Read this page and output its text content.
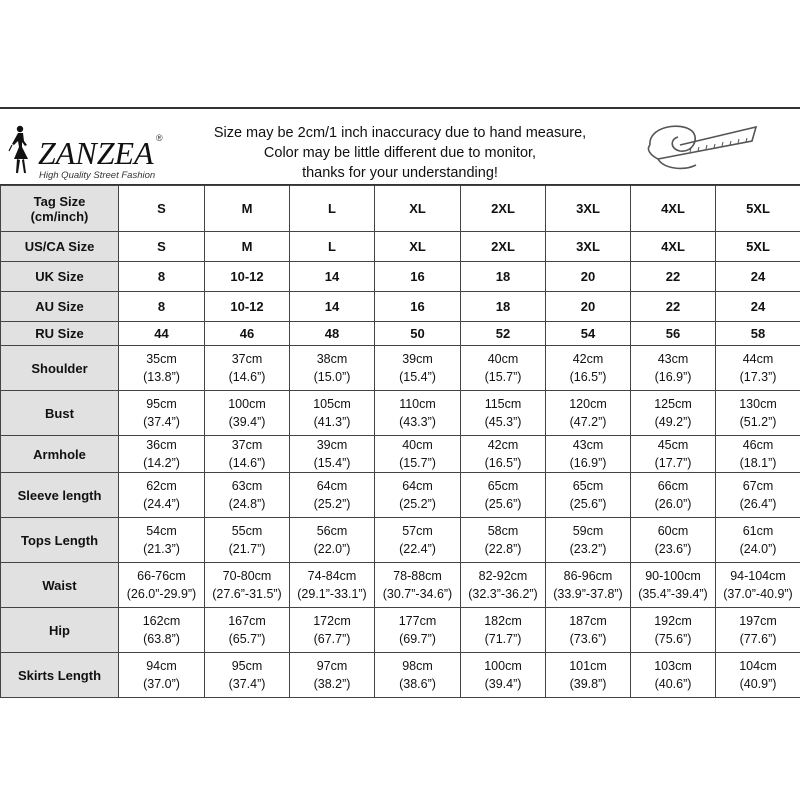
ZANZEA ®
High Quality Street Fashion
Size may be 2cm/1 inch inaccuracy due to hand measure,
Color may be little different due to monitor,
thanks for your understanding!
Tag Size
(cm/inch)	S	M	L	XL	2XL	3XL	4XL	5XL

US/CA Size	S	M	L	XL	2XL	3XL	4XL	5XL

UK Size	8	10-12	14	16	18	20	22	24

AU Size	8	10-12	14	16	18	20	22	24

RU Size	44	46	48	50	52	54	56	58
Shoulder	35cm
(13.8”)	37cm
(14.6”)	38cm
(15.0”)	39cm
(15.4”)	40cm
(15.7”)	42cm
(16.5”)	43cm
(16.9”)	44cm
(17.3”)

Bust	95cm
(37.4”)	100cm
(39.4”)	105cm
(41.3”)	110cm
(43.3”)	115cm
(45.3”)	120cm
(47.2”)	125cm
(49.2”)	130cm
(51.2”)

Armhole	36cm
(14.2”)	37cm
(14.6”)	39cm
(15.4”)	40cm
(15.7”)	42cm
(16.5”)	43cm
(16.9”)	45cm
(17.7”)	46cm
(18.1”)

Sleeve length	62cm
(24.4”)	63cm
(24.8”)	64cm
(25.2”)	64cm
(25.2”)	65cm
(25.6”)	65cm
(25.6”)	66cm
(26.0”)	67cm
(26.4”)

Tops Length	54cm
(21.3”)	55cm
(21.7”)	56cm
(22.0”)	57cm
(22.4”)	58cm
(22.8”)	59cm
(23.2”)	60cm
(23.6”)	61cm
(24.0”)

Waist	66-76cm
(26.0”-29.9”)	70-80cm
(27.6”-31.5”)	74-84cm
(29.1”-33.1”)	78-88cm
(30.7”-34.6”)	82-92cm
(32.3”-36.2”)	86-96cm
(33.9”-37.8”)	90-100cm
(35.4”-39.4”)	94-104cm
(37.0”-40.9”)

Hip	162cm
(63.8”)	167cm
(65.7”)	172cm
(67.7”)	177cm
(69.7”)	182cm
(71.7”)	187cm
(73.6”)	192cm
(75.6”)	197cm
(77.6”)

Skirts Length	94cm
(37.0”)	95cm
(37.4”)	97cm
(38.2”)	98cm
(38.6”)	100cm
(39.4”)	101cm
(39.8”)	103cm
(40.6”)	104cm
(40.9”)
